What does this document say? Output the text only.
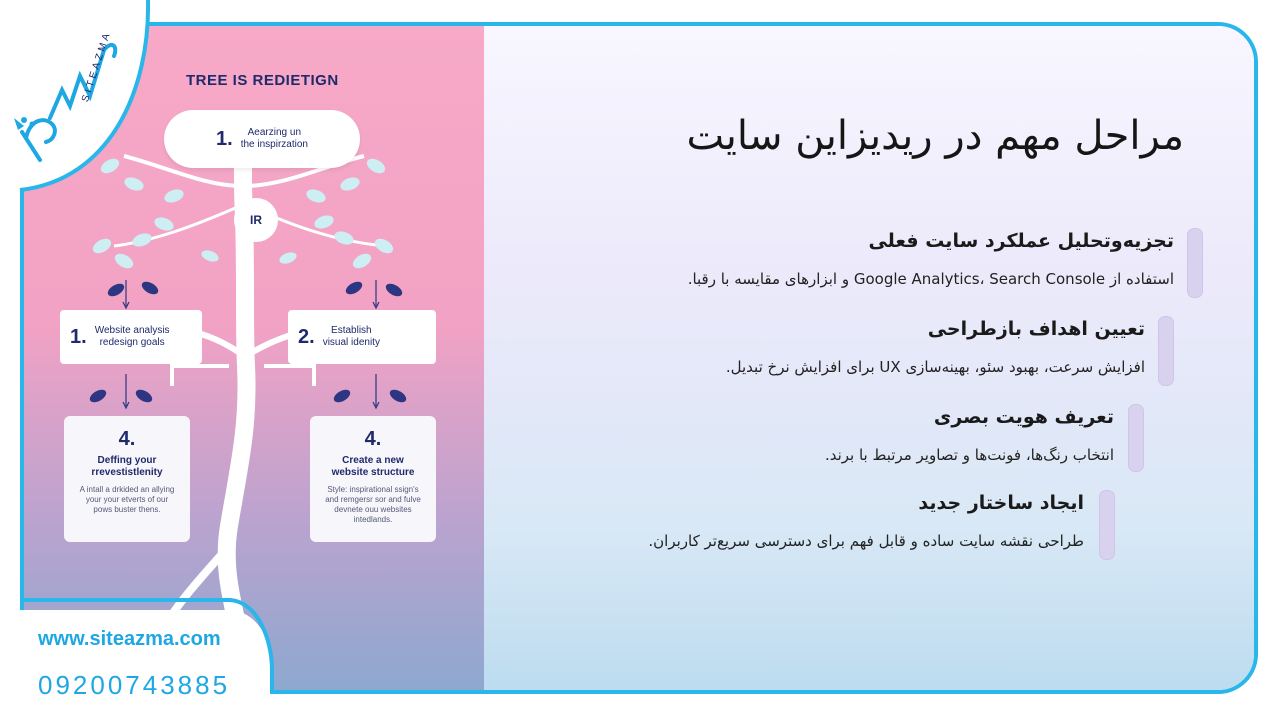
TREE IS REDIETIGN
1.	Aearzing un
the inspirzation
IR
1. Website analysis
redesign goals	2.	Establish
visual idenity
4.
Deffing your
rrevestistlenity
A intall a drkided an allying
your your etverts of our
pows buster thens.
4.
Create a new
website structure
Style: inspirational ssign's
and remgersr sor and fulve
devnete ouu websites
intedlands.
SITEAZMA
www.siteazma.com
09200743885
مراحل مهم در ریدیزاین سایت
تجزیه‌وتحلیل عملکرد سایت فعلی
استفاده از Google Analytics، Search Console و ابزارهای مقایسه با رقبا.
تعیین اهداف بازطراحی
افزایش سرعت، بهبود سئو، بهینه‌سازی UX برای افزایش نرخ تبدیل.
تعریف هویت بصری
انتخاب رنگ‌ها، فونت‌ها و تصاویر مرتبط با برند.
ایجاد ساختار جدید
طراحی نقشه سایت ساده و قابل فهم برای دسترسی سریع‌تر کاربران.
